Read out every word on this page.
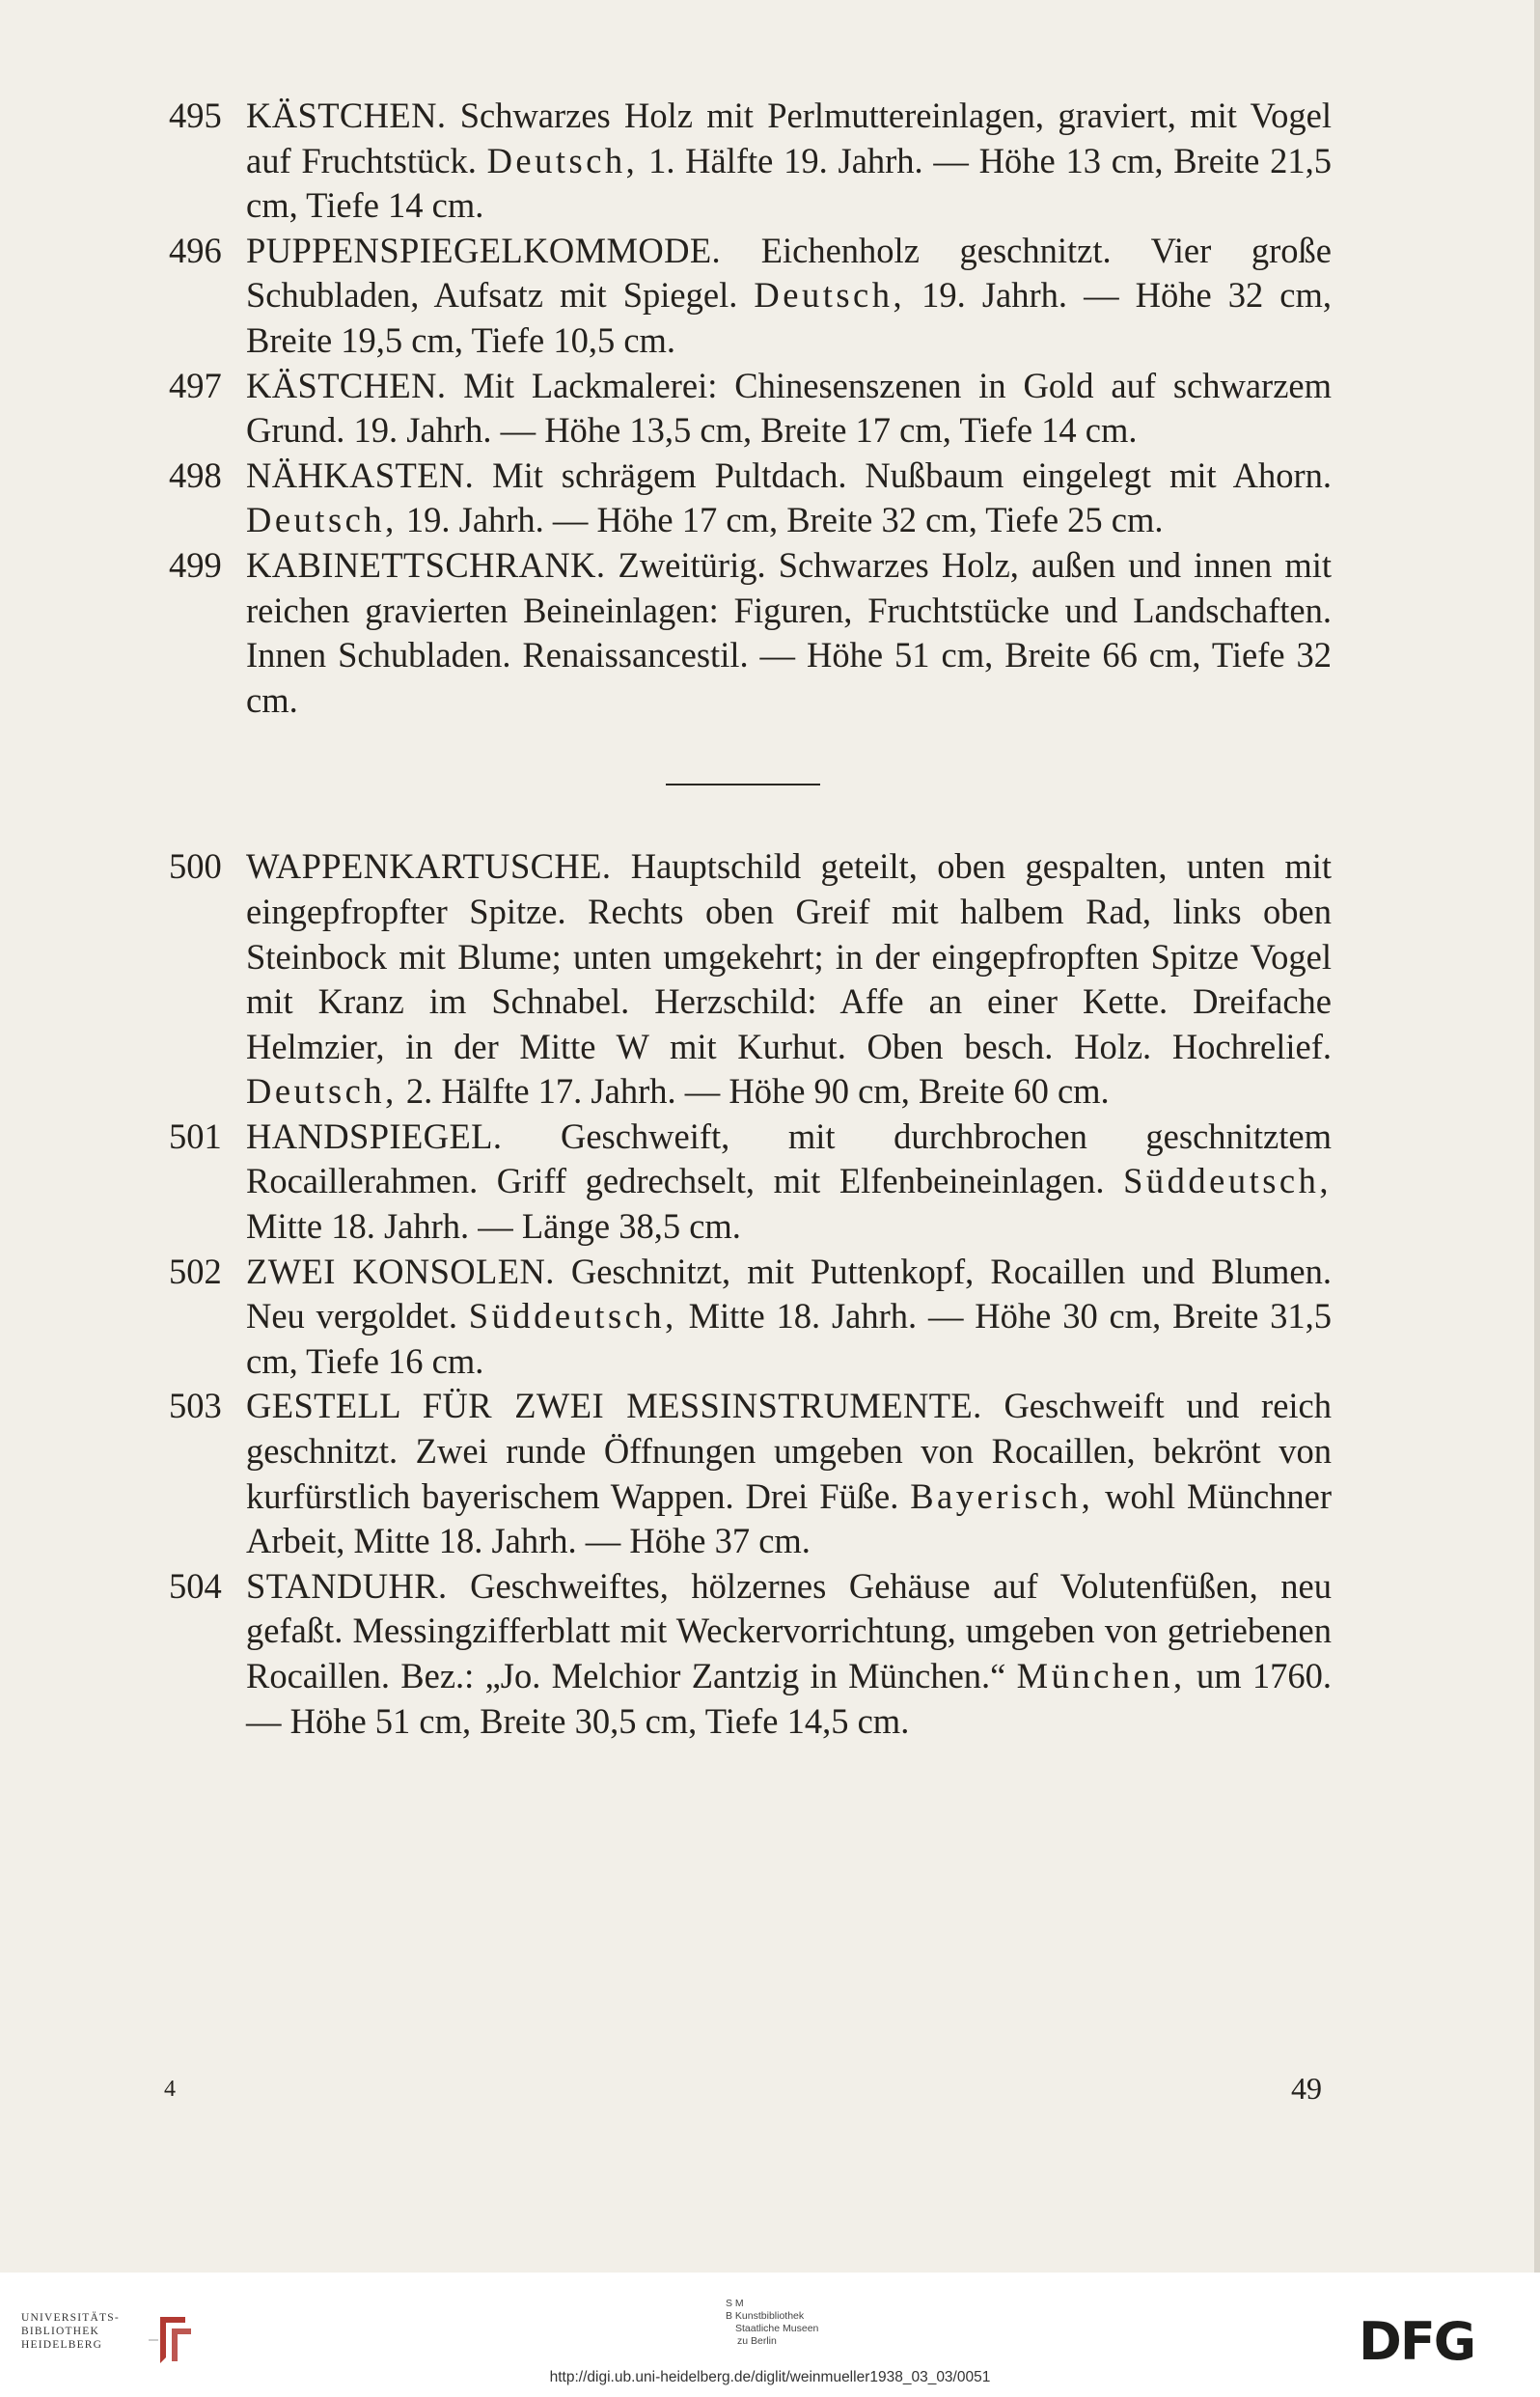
495 KÄSTCHEN. Schwarzes Holz mit Perlmuttereinlagen, graviert, mit Vogel auf Fruchtstück. Deutsch, 1. Hälfte 19. Jahrh. — Höhe 13 cm, Breite 21,5 cm, Tiefe 14 cm.
496 PUPPENSPIEGELKOMMODE. Eichenholz geschnitzt. Vier große Schubladen, Aufsatz mit Spiegel. Deutsch, 19. Jahrh. — Höhe 32 cm, Breite 19,5 cm, Tiefe 10,5 cm.
497 KÄSTCHEN. Mit Lackmalerei: Chinesenszenen in Gold auf schwarzem Grund. 19. Jahrh. — Höhe 13,5 cm, Breite 17 cm, Tiefe 14 cm.
498 NÄHKASTEN. Mit schrägem Pultdach. Nußbaum eingelegt mit Ahorn. Deutsch, 19. Jahrh. — Höhe 17 cm, Breite 32 cm, Tiefe 25 cm.
499 KABINETTSCHRANK. Zweitürig. Schwarzes Holz, außen und innen mit reichen gravierten Beineinlagen: Figuren, Fruchtstücke und Landschaften. Innen Schubladen. Renaissancestil. — Höhe 51 cm, Breite 66 cm, Tiefe 32 cm.
500 WAPPENKARTUSCHE. Hauptschild geteilt, oben gespalten, unten mit eingepfropfter Spitze. Rechts oben Greif mit halbem Rad, links oben Steinbock mit Blume; unten umgekehrt; in der eingepfropften Spitze Vogel mit Kranz im Schnabel. Herzschild: Affe an einer Kette. Dreifache Helmzier, in der Mitte W mit Kurhut. Oben besch. Holz. Hochrelief. Deutsch, 2. Hälfte 17. Jahrh. — Höhe 90 cm, Breite 60 cm.
501 HANDSPIEGEL. Geschweift, mit durchbrochen geschnitztem Rocaillerahmen. Griff gedrechselt, mit Elfenbeineinlagen. Süddeutsch, Mitte 18. Jahrh. — Länge 38,5 cm.
502 ZWEI KONSOLEN. Geschnitzt, mit Puttenkopf, Rocaillen und Blumen. Neu vergoldet. Süddeutsch, Mitte 18. Jahrh. — Höhe 30 cm, Breite 31,5 cm, Tiefe 16 cm.
503 GESTELL FÜR ZWEI MESSINSTRUMENTE. Geschweift und reich geschnitzt. Zwei runde Öffnungen umgeben von Rocaillen, bekrönt von kurfürstlich bayerischem Wappen. Drei Füße. Bayerisch, wohl Münchner Arbeit, Mitte 18. Jahrh. — Höhe 37 cm.
504 STANDUHR. Geschweiftes, hölzernes Gehäuse auf Volutenfüßen, neu gefaßt. Messingzifferblatt mit Weckervorrichtung, umgeben von getriebenen Rocaillen. Bez.: „Jo. Melchior Zantzig in München.“ München, um 1760. — Höhe 51 cm, Breite 30,5 cm, Tiefe 14,5 cm.
4	49
UNIVERSITÄTS-
BIBLIOTHEK
HEIDELBERG
S M
B Kunstbibliothek
Staatliche Museen
zu Berlin	DFG
http://digi.ub.uni-heidelberg.de/diglit/weinmueller1938_03_03/0051
